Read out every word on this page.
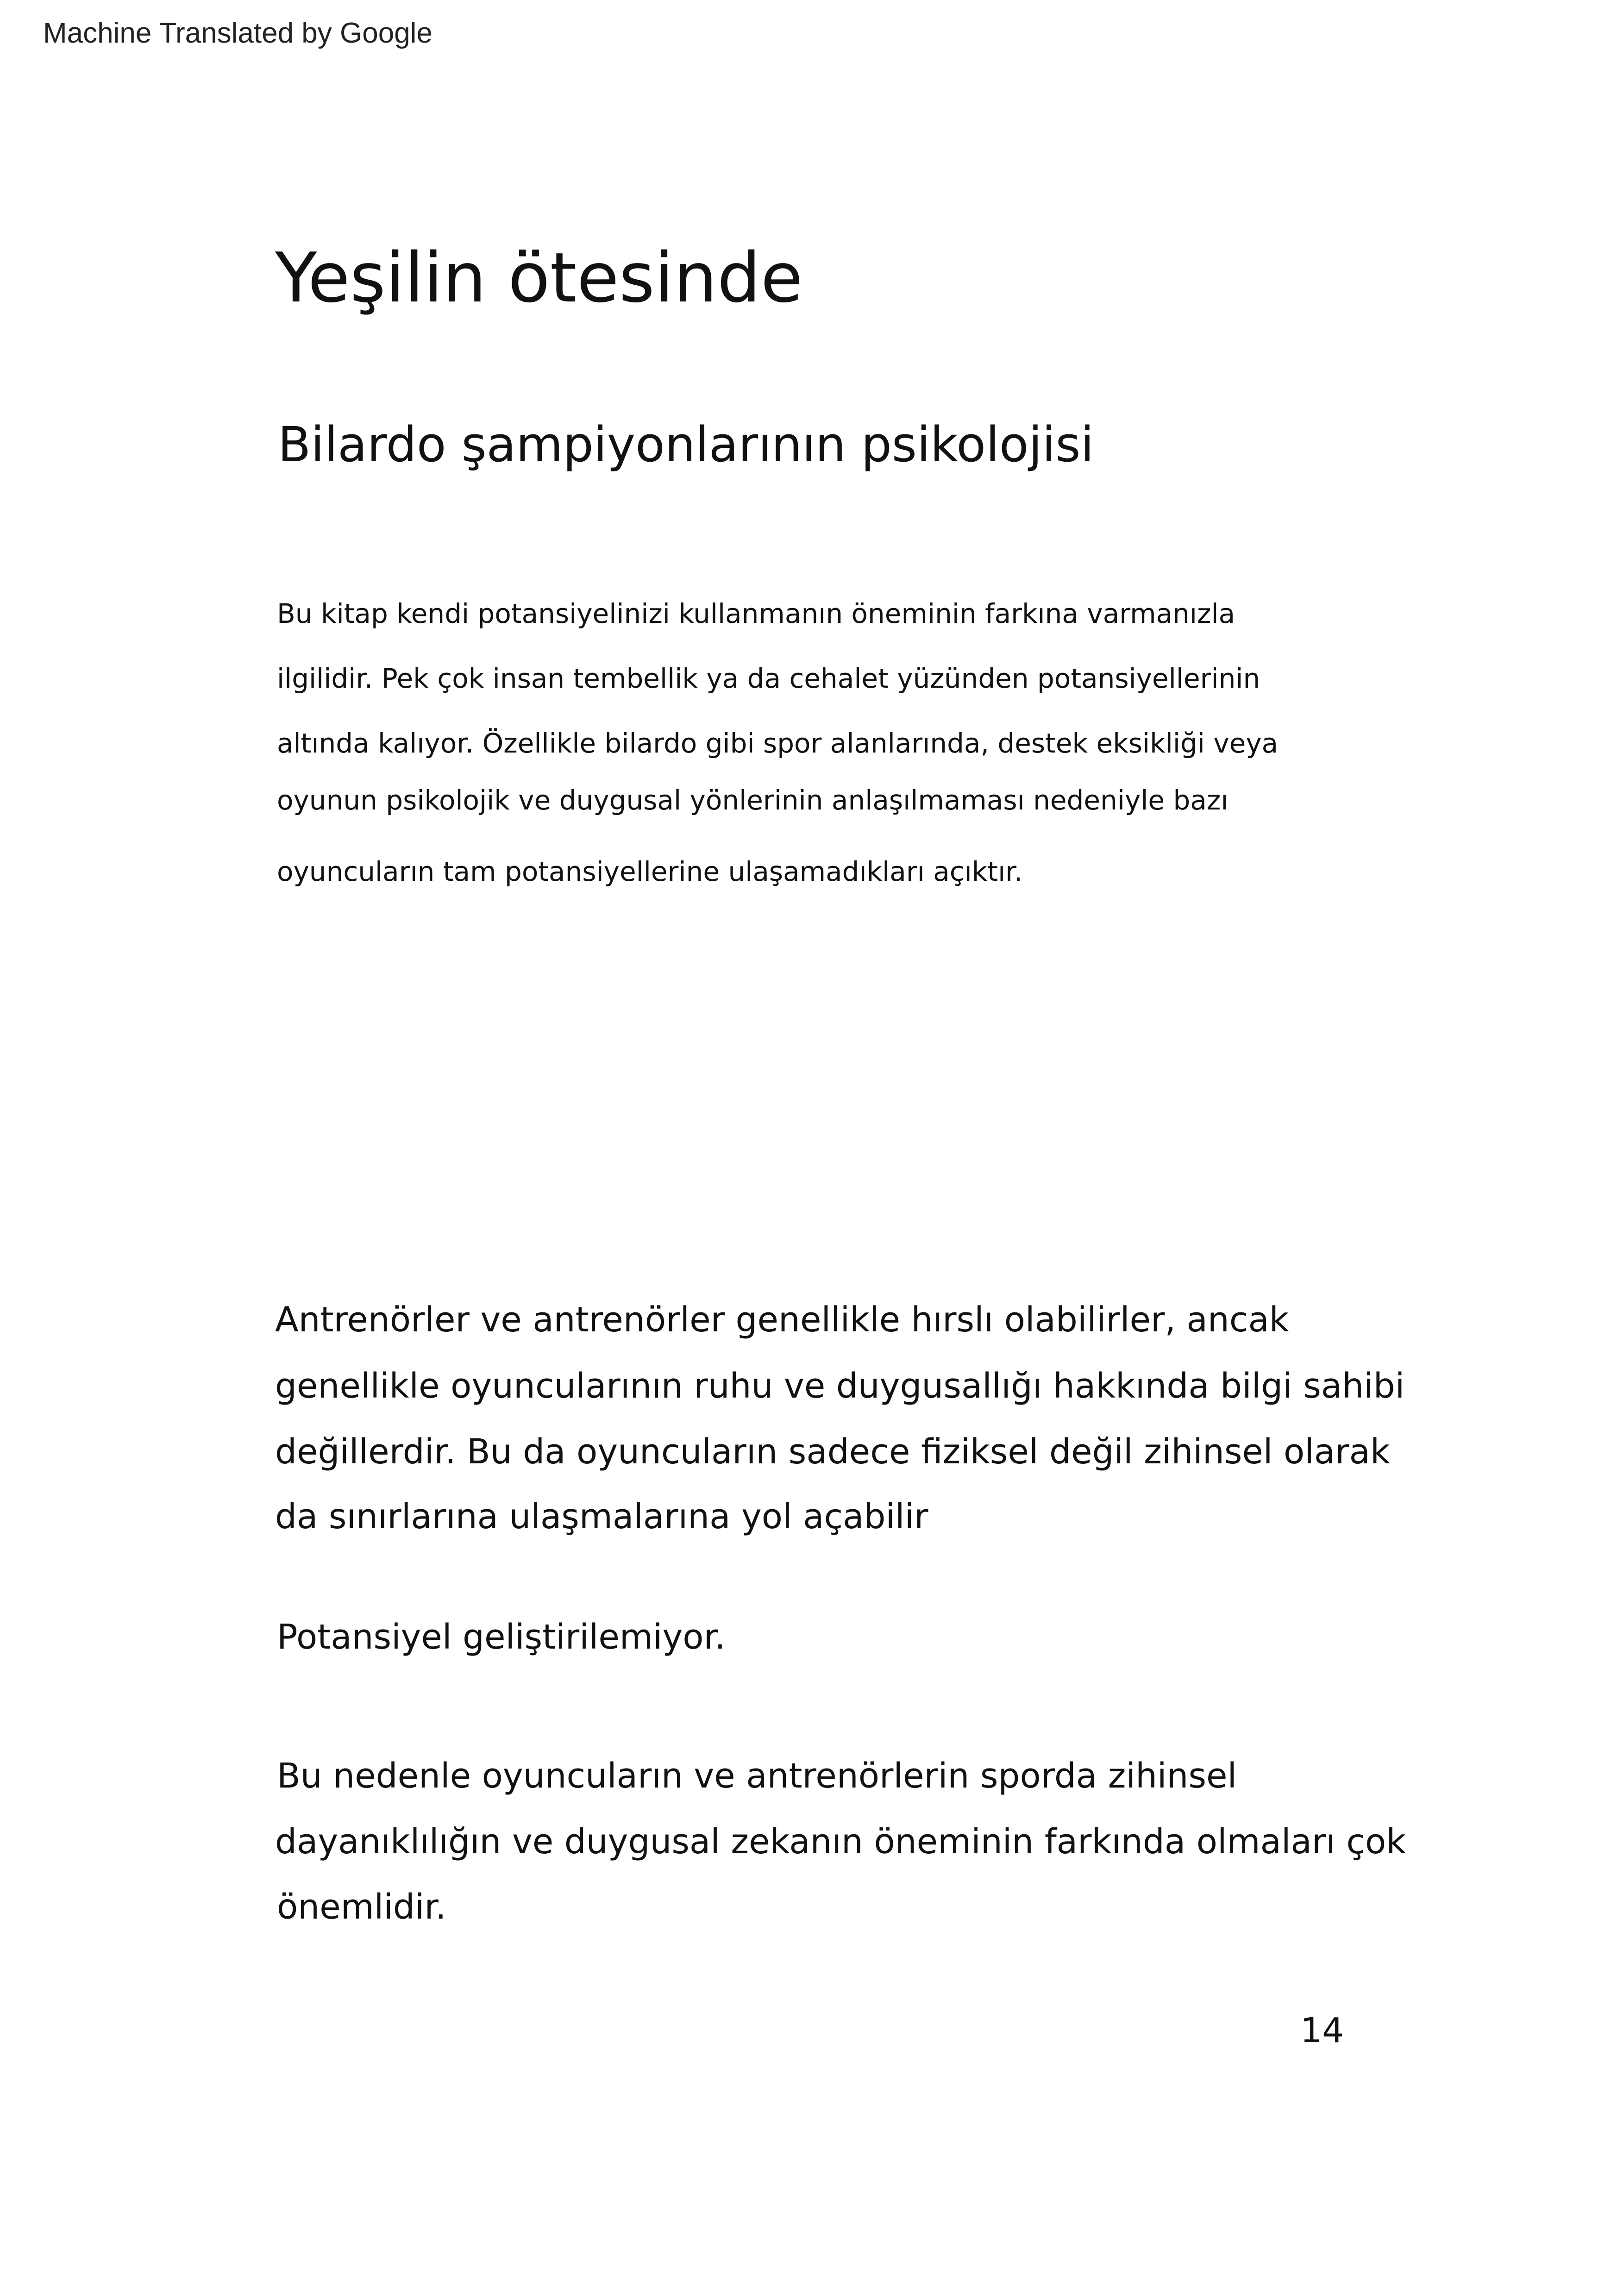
Machine Translated by Google
Yeşilin ötesinde
Bilardo şampiyonlarının psikolojisi
Bu kitap kendi potansiyelinizi kullanmanın öneminin farkına varmanızla
ilgilidir. Pek çok insan tembellik ya da cehalet yüzünden potansiyellerinin
altında kalıyor. Özellikle bilardo gibi spor alanlarında, destek eksikliği veya
oyunun psikolojik ve duygusal yönlerinin anlaşılmaması nedeniyle bazı
oyuncuların tam potansiyellerine ulaşamadıkları açıktır.
Antrenörler ve antrenörler genellikle hırslı olabilirler, ancak
genellikle oyuncularının ruhu ve duygusallığı hakkında bilgi sahibi
değillerdir. Bu da oyuncuların sadece fiziksel değil zihinsel olarak
da sınırlarına ulaşmalarına yol açabilir
Potansiyel geliştirilemiyor.
Bu nedenle oyuncuların ve antrenörlerin sporda zihinsel
dayanıklılığın ve duygusal zekanın öneminin farkında olmaları çok
önemlidir.
14
